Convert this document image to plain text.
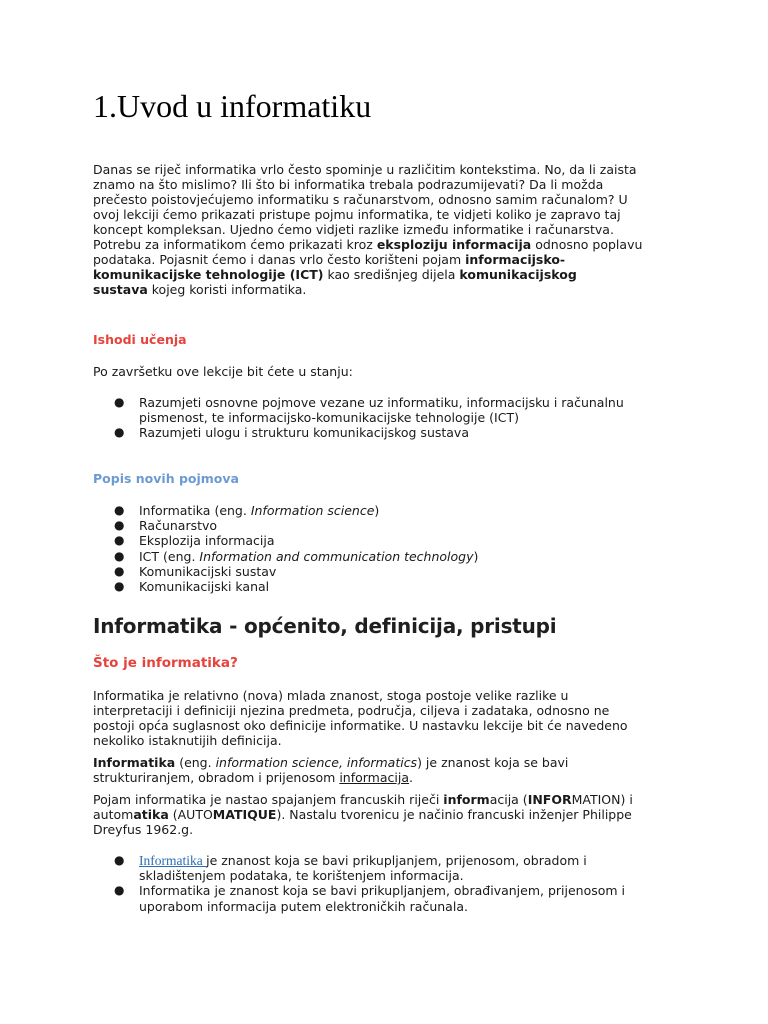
1.Uvod u informatiku

Danas se riječ informatika vrlo često spominje u različitim kontekstima. No, da li zaista

znamo na što mislimo? Ili što bi informatika trebala podrazumijevati? Da li možda

prečesto poistovjećujemo informatiku s računarstvom, odnosno samim računalom? U

ovoj lekciji ćemo prikazati pristupe pojmu informatika, te vidjeti koliko je zapravo taj

koncept kompleksan. Ujedno ćemo vidjeti razlike između informatike i računarstva.

Potrebu za informatikom ćemo prikazati kroz eksploziju informacija odnosno poplavu

podataka. Pojasnit ćemo i danas vrlo često korišteni pojam informacijsko-

komunikacijske tehnologije (ICT) kao središnjeg dijela komunikacijskog

sustava kojeg koristi informatika.

Ishodi učenja

Po završetku ove lekcije bit ćete u stanju:

● Razumjeti osnovne pojmove vezane uz informatiku, informacijsku i računalnu
pismenost, te informacijsko-komunikacijske tehnologije (ICT)
● Razumjeti ulogu i strukturu komunikacijskog sustava

Popis novih pojmova

● Informatika (eng. Information science)
● Računarstvo
● Eksplozija informacija
● ICT (eng. Information and communication technology)
● Komunikacijski sustav
● Komunikacijski kanal
Informatika - općenito, definicija, pristupi

Što je informatika?

Informatika je relativno (nova) mlada znanost, stoga postoje velike razlike u

interpretaciji i definiciji njezina predmeta, područja, ciljeva i zadataka, odnosno ne

postoji opća suglasnost oko definicije informatike. U nastavku lekcije bit će navedeno

nekoliko istaknutijih definicija.

Informatika (eng. information science, informatics) je znanost koja se bavi

strukturiranjem, obradom i prijenosom informacija.

Pojam informatika je nastao spajanjem francuskih riječi informacija (INFORMATION) i

automatika (AUTOMATIQUE). Nastalu tvorenicu je načinio francuski inženjer Philippe

Dreyfus 1962.g.

● Informatika je znanost koja se bavi prikupljanjem, prijenosom, obradom i
skladištenjem podataka, te korištenjem informacija.
● Informatika je znanost koja se bavi prikupljanjem, obrađivanjem, prijenosom i
uporabom informacija putem elektroničkih računala.
